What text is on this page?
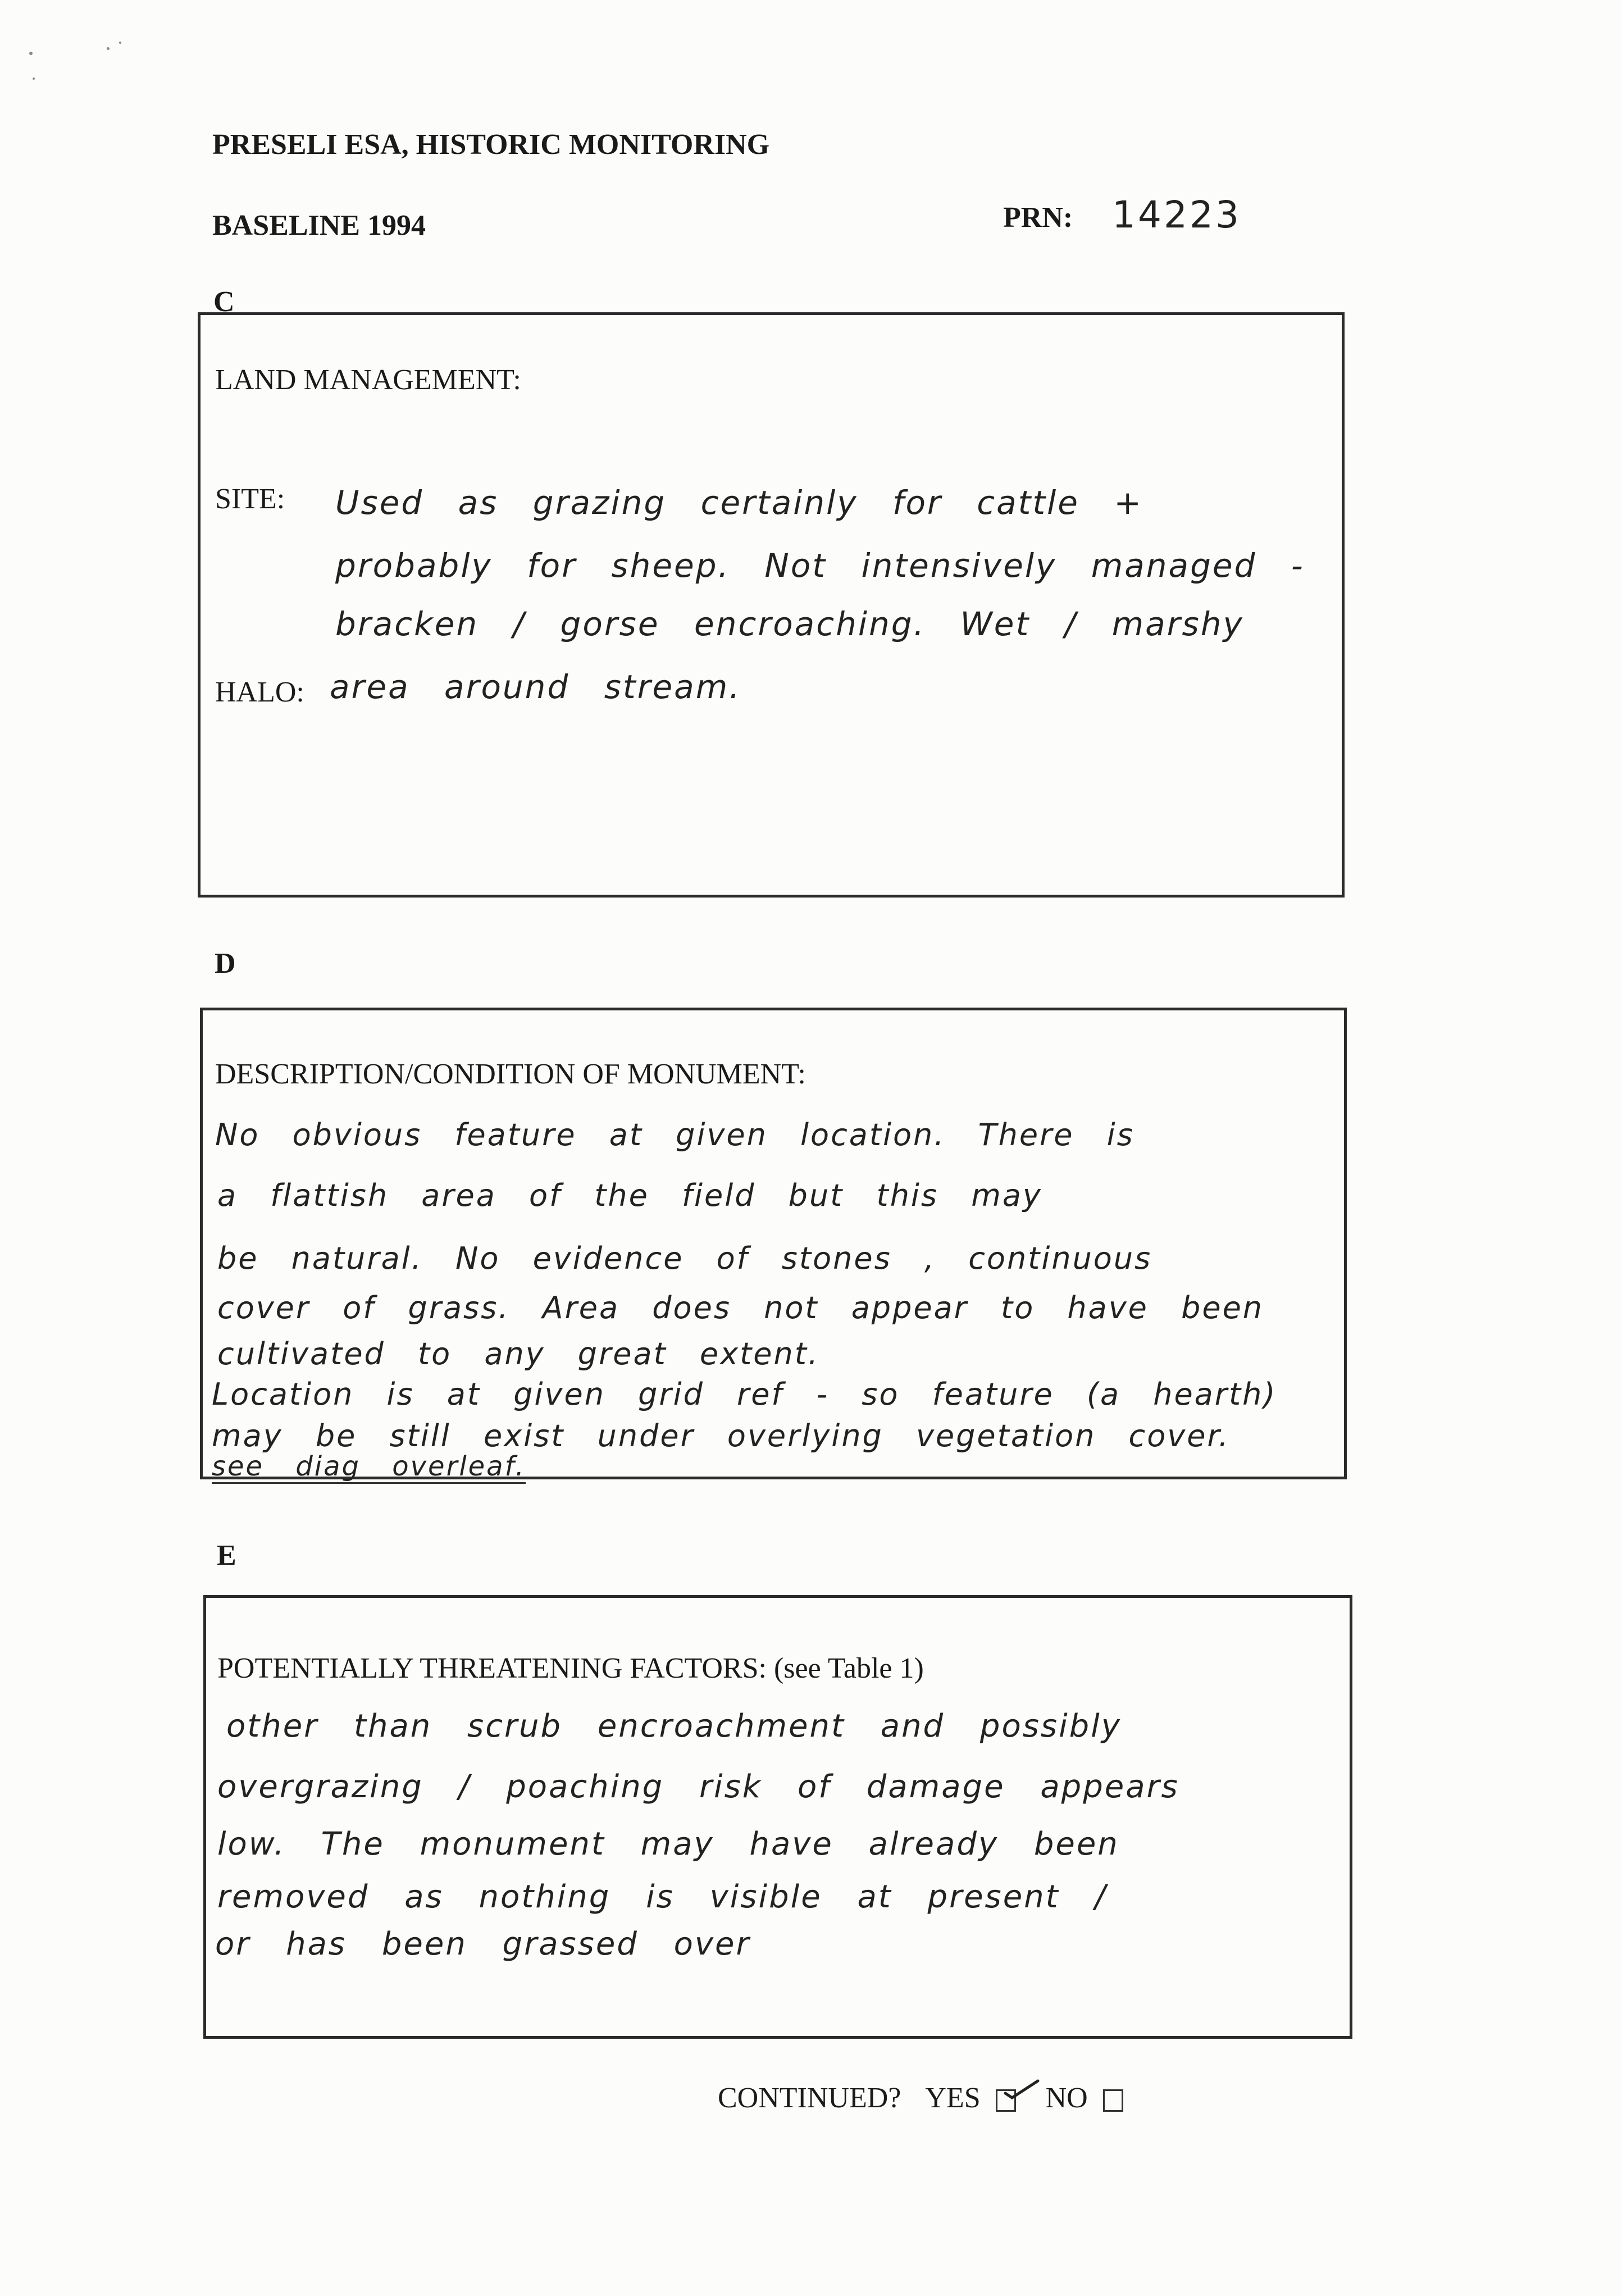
PRESELI ESA, HISTORIC MONITORING
BASELINE 1994	PRN: 14223
C
LAND MANAGEMENT:
SITE:
HALO:
Used as grazing certainly for cattle +
probably for sheep. Not intensively managed -
bracken / gorse encroaching. Wet / marshy
area around stream.
D
DESCRIPTION/CONDITION OF MONUMENT:
No obvious feature at given location. There is
a flattish area of the field but this may
be natural. No evidence of stones , continuous
cover of grass. Area does not appear to have been
cultivated to any great extent.
Location is at given grid ref - so feature (a hearth)
may be still exist under overlying vegetation cover.
see diag overleaf.
E
POTENTIALLY THREATENING FACTORS: (see Table 1)
other than scrub encroachment and possibly
overgrazing / poaching risk of damage appears
low. The monument may have already been
removed as nothing is visible at present /
or has been grassed over
CONTINUED? YES NO
